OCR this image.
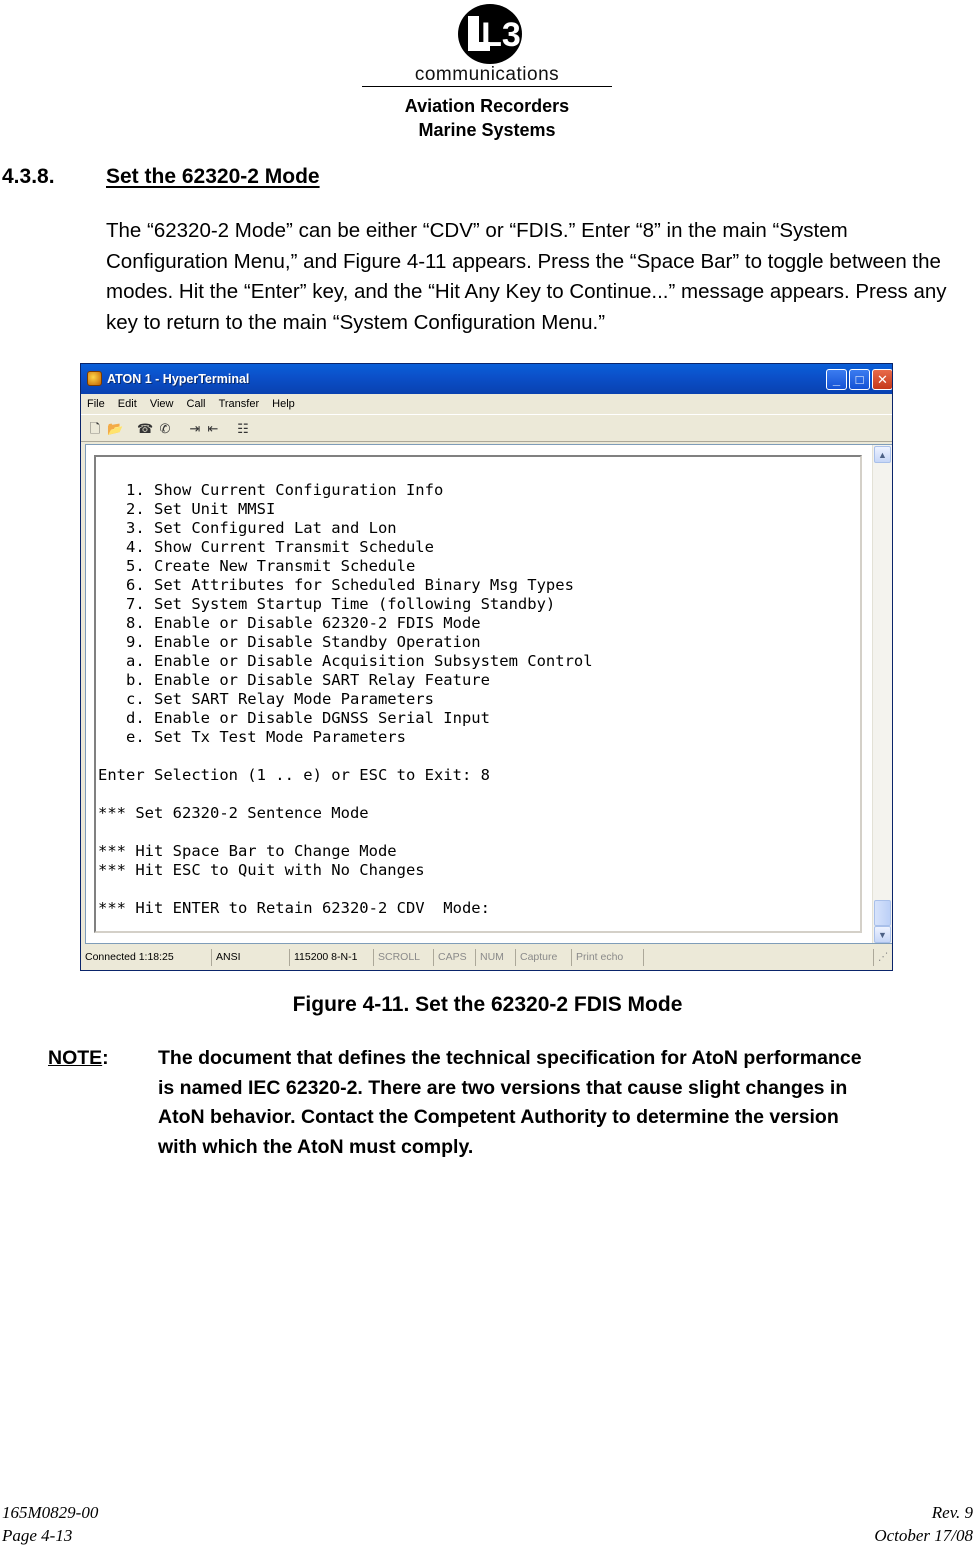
L3
communications
Aviation Recorders
Marine Systems
4.3.8. Set the 62320-2 Mode
The “62320-2 Mode” can be either “CDV” or “FDIS.” Enter “8” in the main “System Configuration Menu,” and Figure 4-11 appears. Press the “Space Bar” to toggle between the modes. Hit the “Enter” key, and the “Hit Any Key to Continue...” message appears. Press any key to return to the main “System Configuration Menu.”
ATON 1 - HyperTerminal	_	□	✕
File Edit View Call Transfer Help
🗋 📂 ☎ ✆ ⇥ ⇤ ☷
1. Show Current Configuration Info
2. Set Unit MMSI
3. Set Configured Lat and Lon
4. Show Current Transmit Schedule
5. Create New Transmit Schedule
6. Set Attributes for Scheduled Binary Msg Types
7. Set System Startup Time (following Standby)
8. Enable or Disable 62320-2 FDIS Mode
9. Enable or Disable Standby Operation
a. Enable or Disable Acquisition Subsystem Control
b. Enable or Disable SART Relay Feature
c. Set SART Relay Mode Parameters
d. Enable or Disable DGNSS Serial Input
e. Set Tx Test Mode Parameters
Enter Selection (1 .. e) or ESC to Exit: 8
*** Set 62320-2 Sentence Mode
*** Hit Space Bar to Change Mode
*** Hit ESC to Quit with No Changes
*** Hit ENTER to Retain 62320-2 CDV  Mode:
▲
▼
Connected 1:18:25	ANSI	115200 8-N-1	SCROLL	CAPS	NUM	Capture	Print echo	⋰
Figure 4-11. Set the 62320-2 FDIS Mode
NOTE:	The document that defines the technical specification for AtoN performance is named IEC 62320-2. There are two versions that cause slight changes in AtoN behavior. Contact the Competent Authority to determine the version with which the AtoN must comply.
165M0829-00
Page 4-13
Rev. 9
October 17/08
